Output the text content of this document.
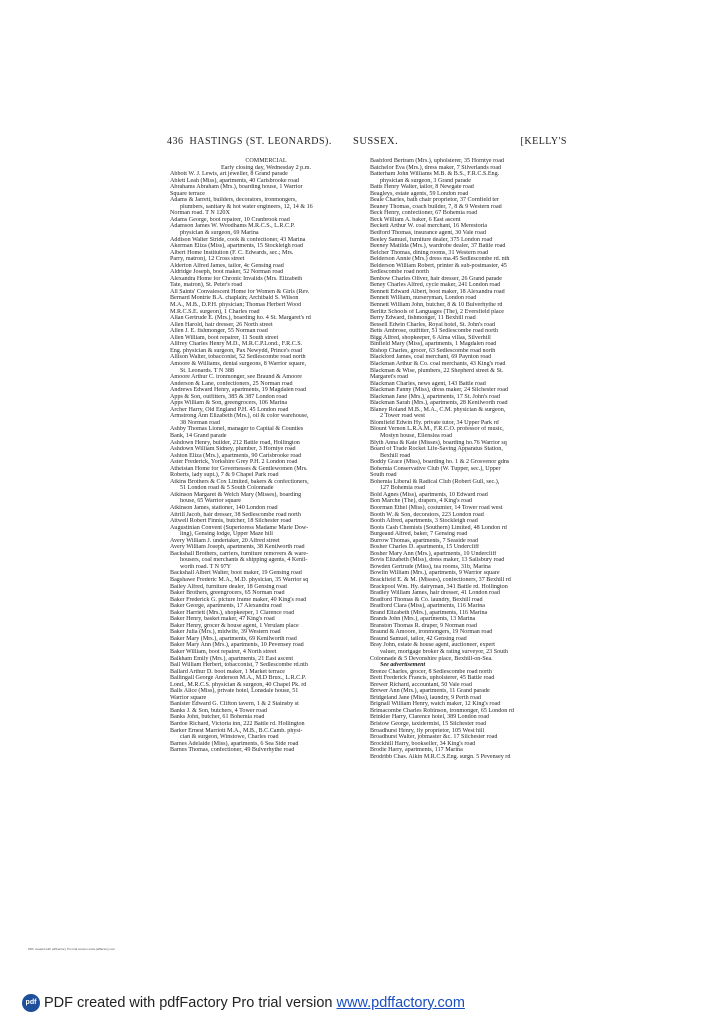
436 HASTINGS (ST. LEONARDS). SUSSEX.	[KELLY'S
COMMERCIAL
Early closing day, Wednesday 2 p.m.
Abbott W. J. Lewis, art jeweller, 8 Grand parade
Ablett Leah (Miss), apartments, 40 Carisbrooke road
Abrahams Abraham (Mrs.), boarding house, 1 Warrior
Square terrace
Adams & Jarrett, builders, decorators, ironmongers,
plumbers, sanitary & hot water engineers, 12, 14 & 16
Norman road. T N 120X
Adams George, boot repairer, 10 Cranbrook road
Adamson James W. Woodhams M.R.C.S., L.R.C.P.
physician & surgeon, 69 Marina
Addison Walter Stride, cook & confectioner, 43 Marina
Akerman Eliza (Miss), apartments, 15 Stockleigh road
Albert Home Institution (F. C. Edwards, sec.; Mrs.
Parry, matron), 12 Cross street
Alderton Alfred James, tailor, 4c Gensing road
Aldridge Joseph, boot maker, 52 Norman road
Alexandra Home for Chronic Invalids (Mrs. Elizabeth
Tate, matron), St. Peter's road
All Saints' Convalescent Home for Women & Girls (Rev.
Bernard Montrie B.A. chaplain; Archibald S. Wilson
M.A., M.B., D.P.H. physician; Thomas Herbert Wood
M.R.C.S.E. surgeon), 1 Charles road
Allan Gertrude E. (Mrs.), boarding ho. 4 St. Margaret's rd
Allen Harold, hair dresser, 26 North street
Allen J. E. fishmonger, 55 Norman road
Allen William, boot repairer, 11 South street
Allfrey Charles Henry M.D., M.R.C.P.Lond., F.R.C.S.
Eng. physician & surgeon, Pax Newydd, Prince's road
Allison Walter, tobacconist, 52 Sedlescombe road north
Amoore & Williams, dental surgeons, 8 Warrior square,
St. Leonards. T N 388
Amoore Arthur C. ironmonger, see Braund & Amoore
Anderson & Lane, confectioners, 25 Norman road
Andrews Edward Henry, apartments, 19 Magdalen road
Apps & Son, outfitters, 385 & 387 London road
Apps William & Son, greengrocers, 106 Marina
Archer Harry, Old England P.H. 45 London road
Armstrong Ann Elizabeth (Mrs.), oil & color warehouse,
38 Norman road
Ashby Thomas Lionel, manager to Capital & Counties
Bank, 14 Grand parade
Ashdown Henry, builder, 212 Battle road, Hollington
Ashdown William Sidney, plumber, 3 Horntye road
Ashton Eliza (Mrs.), apartments, 90 Carisbrooke road
Aster Frederick, Yorkshire Grey P.H. 2 London road
Atheistan Home for Governesses & Gentlewomen (Mrs.
Roberts, lady supt.), 7 & 9 Chapel Park road
Atkins Brothers & Cox Limited, bakers & confectioners,
51 London road & 5 South Colonnade
Atkinson Margaret & Welch Mary (Misses), boarding
house, 65 Warrior square
Atkinson James, stationer, 140 London road
Attrill Jacob, hair dresser, 38 Sedlescombe road north
Attwell Robert Finnis, butcher, 18 Silchester road
Augustinian Convent (Superioress Madame Marie Dow-
ling), Gensing lodge, Upper Maze hill
Avery William J. undertaker, 20 Alfred street
Avery William Joseph, apartments, 38 Kenilworth road
Backshall Brothers, carriers, furniture removers & ware-
housers, coal merchants & shipping agents, 4 Kenil-
worth road. T N 97Y
Backshall Albert Walter, boot maker, 19 Gensing road
Bagshawe Frederic M.A., M.D. physician, 35 Warrior sq
Bailey Alfred, furniture dealer, 18 Gensing road
Baker Brothers, greengrocers, 65 Norman road
Baker Frederick G. picture frame maker, 40 King's road
Baker George, apartments, 17 Alexandra road
Baker Harriett (Mrs.), shopkeeper, 1 Clarence road
Baker Henry, basket maker, 47 King's road
Baker Henry, grocer & house agent, 1 Verulam place
Baker Julia (Mrs.), midwife, 39 Western road
Baker Mary (Mrs.), apartments, 69 Kenilworth road
Baker Mary Ann (Mrs.), apartments, 10 Pevensey road
Baker William, boot repairer, 4 North street
Balkham Emily (Mrs.), apartments, 21 East ascent
Ball William Herbert, tobacconist, 7 Sedlescombe rd.nth
Ballard Arthur D. boot maker, 1 Market terrace
Ballingall George Anderson M.A., M.D Brux., L.R.C.P.
Lond., M.R.C.S. physician & surgeon, 40 Chapel Pk. rd
Balls Alice (Miss), private hotel, Lonsdale house, 51
Warrior square
Banister Edward G. Clifton tavern, 1 & 2 Stainsby st
Banks J. & Son, butchers, 4 Tower road
Banks John, butcher, 61 Bohemia road
Bardoe Richard, Victoria inn, 222 Battle rd. Hollington
Barker Ernest Marriott M.A., M.B., B.C.Camb. physi-
cian & surgeon, Winstowe, Charles road
Barnes Adelaide (Miss), apartments, 6 Sea Side road
Barnes Thomas, confectioner, 49 Bulverhythe road
Bashford Bertram (Mrs.), upholsterer, 35 Horntye road
Batchelor Eva (Mrs.), dress maker, 7 Silverlands road
Batterham John Williams M.B. & B.S., F.R.C.S.Eng.
physician & surgeon, 3 Grand parade
Batts Henry Walter, tailor, 8 Newgate road
Beagleys, estate agents, 59 London road
Beale Charles, bath chair proprietor, 37 Cornfield ter
Beaney Thomas, coach builder, 7, 8 & 9 Western road
Beck Henry, confectioner, 67 Bohemia road
Beck William A. baker, 6 East ascent
Beckett Arthur W. coal merchant, 16 Merestoria
Bedford Thomas, insurance agent, 30 Vale road
Beeley Samuel, furniture dealer, 375 London road
Beeney Matilda (Mrs.), wardrobe dealer, 37 Battle road
Belcher Thomas, dining rooms, 31 Western road
Belderson Annie (Mrs.) dress ma.45 Sedlescombe rd. nth
Belderson William Robert, printer & sub-postmaster, 45
Sedlescombe road north
Benbow Charles Oliver, hair dresser, 26 Grand parade
Beney Charles Alfred, cycle maker, 241 London road
Bennett Edward Albert, boot maker, 18 Alexandra road
Bennett William, nurseryman, London road
Bennett William John, butcher, 8 & 10 Bulverhythe rd
Berlitz Schools of Languages (The), 2 Eversfield place
Berry Edward, fishmonger, 11 Bexhill road
Bessell Edwin Charles, Royal hotel, St. John's road
Betts Ambrose, outfitter, 51 Sedlescombe road north
Bigg Alfred, shopkeeper, 6 Alma villas, Silverhill
Binfield Mary (Miss), apartments, 1 Magdalen road
Bishop Charles, grocer, 63 Sedlescombe road north
Blackford James, coal merchant, 69 Paynton road
Blackman Arthur & Co. coal merchants, 43 King's road
Blackman & Wise, plumbers, 22 Shepherd street & St.
Margaret's road
Blackman Charles, news agent, 143 Battle road
Blackman Fanny (Miss), dress maker, 24 Silchester road
Blackman Jane (Mrs.), apartments, 17 St. John's road
Blackman Sarah (Mrs.), apartments, 28 Kenilworth road
Blaney Roland M.B., M.A., C.M. physician & surgeon,
2 Tower road west
Blomfield Edwin Hy. private tutor, 34 Upper Park rd
Blount Vernon L.R.A.M., F.R.C.O. professor of music,
Mostyn house, Ellenslea road
Blyth Anna & Kate (Misses), boarding ho.76 Warrior sq
Board of Trade Rocket Life-Saving Apparatus Station,
Bexhill road
Boddy Grace (Miss), boarding ho. 1 & 2 Grosvenor gdns
Bohemia Conservative Club (W. Tupper, sec.), Upper
South road
Bohemia Liberal & Radical Club (Robert Gull, sec.),
127 Bohemia road
Bold Agnes (Miss), apartments, 10 Edward road
Bon Marche (The), drapers, 4 King's road
Boorman Ethel (Miss), costumier, 14 Tower road west
Booth W. & Son, decorators, 223 London road
Booth Alfred, apartments, 3 Stockleigh road
Boots Cash Chemists (Southern) Limited, 48 London rd
Burgeaud Alfred, baker, 7 Gensing road
Burrow Thomas, apartments, 7 Seaside road
Bosher Charles D. apartments, 15 Undercliff
Bosher Mary Ann (Mrs.), apartments, 10 Undercliff
Bovis Elizabeth (Miss), dress maker, 13 Salisbury road
Bowden Gertrude (Miss), tea rooms, 31b, Marina
Bowlin William (Mrs.), apartments, 9 Warrior square
Brackfield E. & M. (Misses), confectioners, 37 Bexhill rd
Brackpool Wm. Hy. dairyman, 341 Battle rd. Hollington
Bradley William James, hair dresser, 41 London road
Bradford Thomas & Co. laundry, Bexhill road
Bradford Clara (Miss), apartments, 116 Marina
Brand Elizabeth (Mrs.), apartments, 116 Marina
Brands John (Mrs.), apartments, 13 Marina
Branston Thomas R. draper, 9 Norman road
Braund & Amoore, ironmongers, 19 Norman road
Braund Samuel, tailor, 42 Gensing road
Bray John, estate & house agent, auctioneer, expert
valuer, mortgage broker & rating surveyor, 23 South
Colonnade & 5 Devonshire place, Bexhill-on-Sea.
See advertisement
Breeze Charles, grocer, 8 Sedlescombe road north
Brett Frederick Francis, upholsterer, 45 Battle road
Brewer Richard, accountant, 50 Vale road
Brewer Ann (Mrs.), apartments, 11 Grand parade
Bridgeland Jane (Miss), laundry, 9 Perth road
Brignall William Henry, watch maker, 12 King's road
Brimacombe Charles Robinson, ironmonger, 65 London rd
Brinkler Harry, Clarence hotel, 389 London road
Bristow George, taxidermist, 15 Silchester road
Broadhurst Henry, fly proprietor, 105 West hill
Broadhurst Walter, jobmaster &c. 17 Silchester road
Brockhill Harry, bookseller, 34 King's road
Brodie Harry, apartments, 117 Marina
Brodribb Chas. Aikin M.R.C.S.Eng. surgn. 5 Pevensey rd
PDF created with pdfFactory Pro trial version www.pdffactory.com
pdf PDF created with pdfFactory Pro trial version www.pdffactory.com
